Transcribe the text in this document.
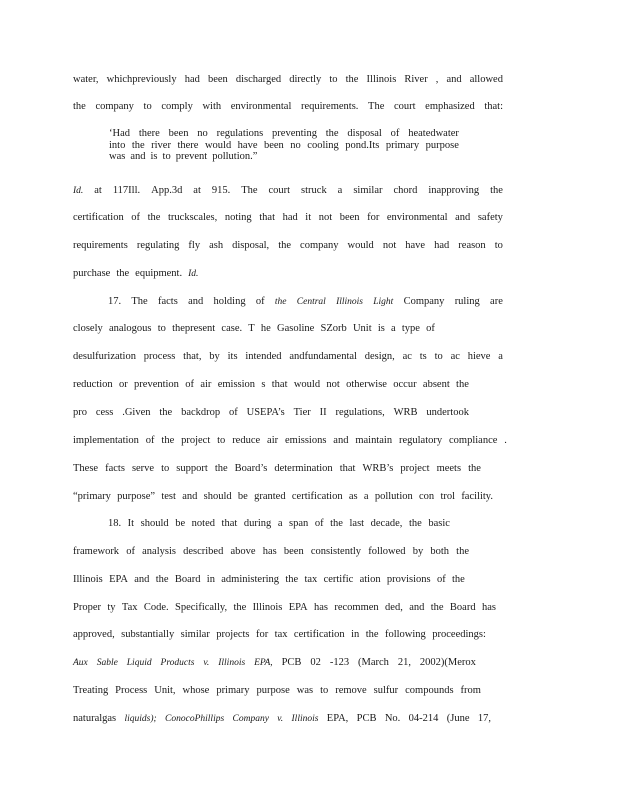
water, whichpreviously had been discharged directly to the Illinois River , and allowed
the company to comply with environmental requirements. The court emphasized that:
‘Had there been no regulations preventing the disposal of heatedwater
into the river there would have been no cooling pond.Its primary purpose
was and is to prevent pollution.”
Id. at 117Ill. App.3d at 915. The court struck a similar chord inapproving the
certification of the truckscales, noting that had it not been for environmental and safety
requirements regulating fly ash disposal, the company would not have had reason to
purchase the equipment. Id.
17. The facts and holding of the Central Illinois Light Company ruling are
closely analogous to thepresent case. T he Gasoline SZorb Unit is a type of
desulfurization process that, by its intended andfundamental design, ac ts to ac hieve a
reduction or prevention of air emission s that would not otherwise occur absent the
pro cess .Given the backdrop of USEPA’s Tier II regulations, WRB undertook
implementation of the project to reduce air emissions and maintain regulatory compliance .
These facts serve to support the Board’s determination that WRB’s project meets the
“primary purpose” test and should be granted certification as a pollution con trol facility.
18. It should be noted that during a span of the last decade, the basic
framework of analysis described above has been consistently followed by both the
Illinois EPA and the Board in administering the tax certific ation provisions of the
Proper ty Tax Code. Specifically, the Illinois EPA has recommen ded, and the Board has
approved, substantially similar projects for tax certification in the following proceedings:
Aux Sable Liquid Products v. Illinois EPA, PCB 02 -123 (March 21, 2002)(Merox
Treating Process Unit, whose primary purpose was to remove sulfur compounds from
naturalgas liquids); ConocoPhillips Company v. Illinois EPA, PCB No. 04-214 (June 17,
